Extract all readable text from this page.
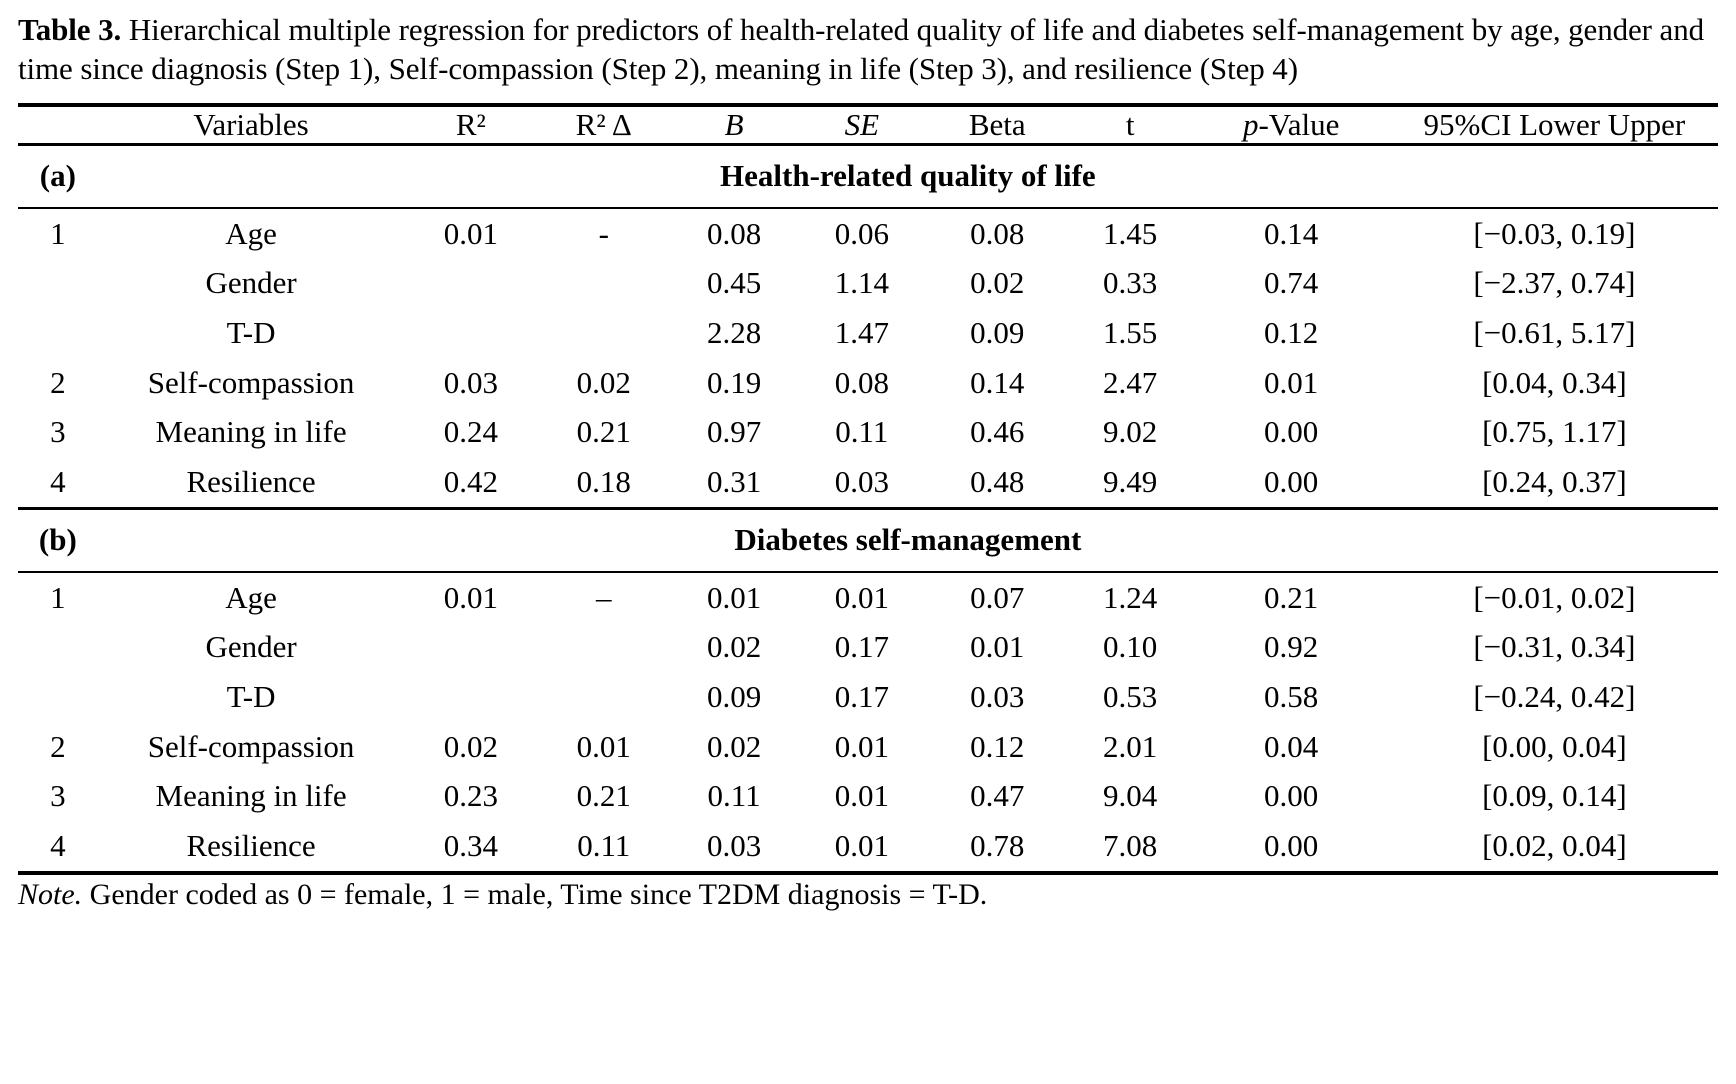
Table 3. Hierarchical multiple regression for predictors of health-related quality of life and diabetes self-management by age, gender and time since diagnosis (Step 1), Self-compassion (Step 2), meaning in life (Step 3), and resilience (Step 4)

	Variables	R²	R² Δ	B	SE	Beta	t	p-Value	95%CI Lower Upper
(a)	Health-related quality of life								
1	Age	0.01	-	0.08	0.06	0.08	1.45	0.14	[−0.03, 0.19]
	Gender			0.45	1.14	0.02	0.33	0.74	[−2.37, 0.74]
	T-D			2.28	1.47	0.09	1.55	0.12	[−0.61, 5.17]
2	Self-compassion	0.03	0.02	0.19	0.08	0.14	2.47	0.01	[0.04, 0.34]
3	Meaning in life	0.24	0.21	0.97	0.11	0.46	9.02	0.00	[0.75, 1.17]
4	Resilience	0.42	0.18	0.31	0.03	0.48	9.49	0.00	[0.24, 0.37]
(b)	Diabetes self-management								
1	Age	0.01	–	0.01	0.01	0.07	1.24	0.21	[−0.01, 0.02]
	Gender			0.02	0.17	0.01	0.10	0.92	[−0.31, 0.34]
	T-D			0.09	0.17	0.03	0.53	0.58	[−0.24, 0.42]
2	Self-compassion	0.02	0.01	0.02	0.01	0.12	2.01	0.04	[0.00, 0.04]
3	Meaning in life	0.23	0.21	0.11	0.01	0.47	9.04	0.00	[0.09, 0.14]
4	Resilience	0.34	0.11	0.03	0.01	0.78	7.08	0.00	[0.02, 0.04]
Note. Gender coded as 0 = female, 1 = male, Time since T2DM diagnosis = T-D.									
